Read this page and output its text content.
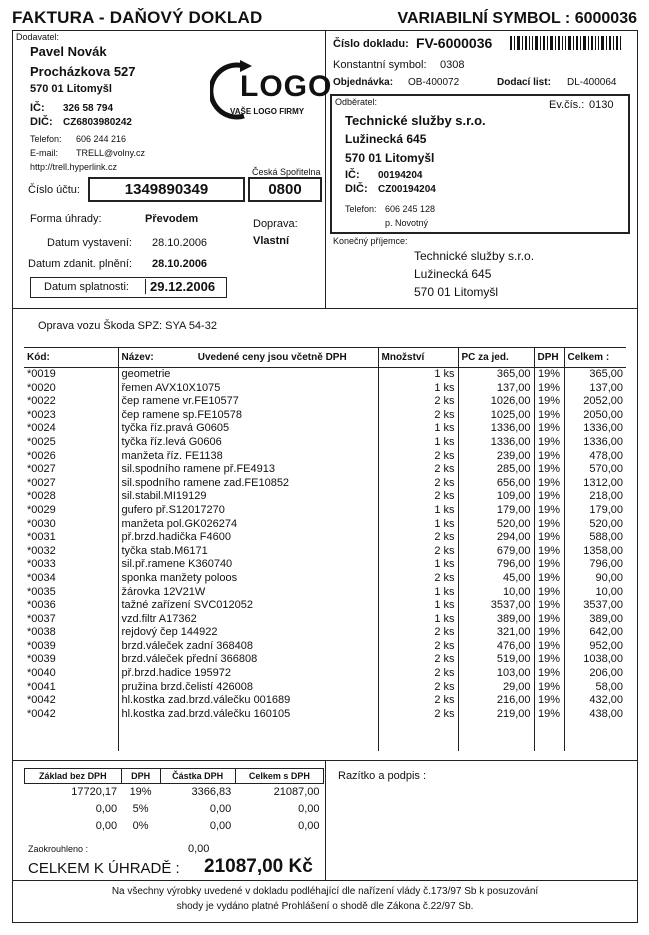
FAKTURA - DAŇOVÝ DOKLAD	VARIABILNÍ SYMBOL : 6000036
Dodavatel:
Pavel Novák
Procházkova 527
570 01 Litomyšl
IČ: 326 58 794
DIČ: CZ6803980242
Telefon: 606 244 216
E-mail: TRELL@volny.cz
http://trell.hyperlink.cz	Česká Spořitelna
LOGO
VAŠE LOGO FIRMY
Číslo účtu:	1349890349	0800
Forma úhrady:	Převodem	Doprava:
Vlastní
Datum vystavení: 28.10.2006
Datum zdanit. plnění: 28.10.2006
Datum splatnosti:	29.12.2006
Číslo dokladu: FV-6000036
Konstantní symbol: 0308
Objednávka: OB-400072	Dodací list: DL-400064
Odběratel:	Ev.čís.: 0130
Technické služby s.r.o.
Lužinecká 645
570 01 Litomyšl
IČ: 00194204
DIČ: CZ00194204
Telefon: 606 245 128
p. Novotný
Konečný příjemce:
Technické služby s.r.o.
Lužinecká 645
570 01 Litomyšl
Oprava vozu Škoda SPZ: SYA 54-32
Kód:	Název: Uvedené ceny jsou včetně DPH	Množství	PC za jed.	DPH	Celkem :
*0019	geometrie	1 ks	365,00	19%	365,00
*0020	řemen AVX10X1075	1 ks	137,00	19%	137,00
*0022	čep ramene vr.FE10577	2 ks	1026,00	19%	2052,00
*0023	čep ramene sp.FE10578	2 ks	1025,00	19%	2050,00
*0024	tyčka říz.pravá G0605	1 ks	1336,00	19%	1336,00
*0025	tyčka říz.levá G0606	1 ks	1336,00	19%	1336,00
*0026	manžeta říz. FE1138	2 ks	239,00	19%	478,00
*0027	sil.spodního ramene př.FE4913	2 ks	285,00	19%	570,00
*0027	sil.spodního ramene zad.FE10852	2 ks	656,00	19%	1312,00
*0028	sil.stabil.MI19129	2 ks	109,00	19%	218,00
*0029	gufero př.S12017270	1 ks	179,00	19%	179,00
*0030	manžeta pol.GK026274	1 ks	520,00	19%	520,00
*0031	př.brzd.hadička F4600	2 ks	294,00	19%	588,00
*0032	tyčka stab.M6171	2 ks	679,00	19%	1358,00
*0033	sil.př.ramene K360740	1 ks	796,00	19%	796,00
*0034	sponka manžety poloos	2 ks	45,00	19%	90,00
*0035	žárovka 12V21W	1 ks	10,00	19%	10,00
*0036	tažné zařízení SVC012052	1 ks	3537,00	19%	3537,00
*0037	vzd.filtr A17362	1 ks	389,00	19%	389,00
*0038	rejdový čep 144922	2 ks	321,00	19%	642,00
*0039	brzd.váleček zadní 368408	2 ks	476,00	19%	952,00
*0039	brzd.váleček přední 366808	2 ks	519,00	19%	1038,00
*0040	př.brzd.hadice 195972	2 ks	103,00	19%	206,00
*0041	pružina brzd.čelistí 426008	2 ks	29,00	19%	58,00
*0042	hl.kostka zad.brzd.válečku 001689	2 ks	216,00	19%	432,00
*0042	hl.kostka zad.brzd.válečku 160105	2 ks	219,00	19%	438,00

Základ bez DPH	DPH	Částka DPH	Celkem s DPH
17720,17	19%	3366,83	21087,00
0,00	5%	0,00	0,00
0,00	0%	0,00	0,00
Razítko a podpis :
Zaokrouhleno :	0,00
CELKEM K ÚHRADĚ : 21087,00 Kč
Na všechny výrobky uvedené v dokladu podléhající dle nařízení vlády č.173/97 Sb k posuzování
shody je vydáno platné Prohlášení o shodě dle Zákona č.22/97 Sb.
